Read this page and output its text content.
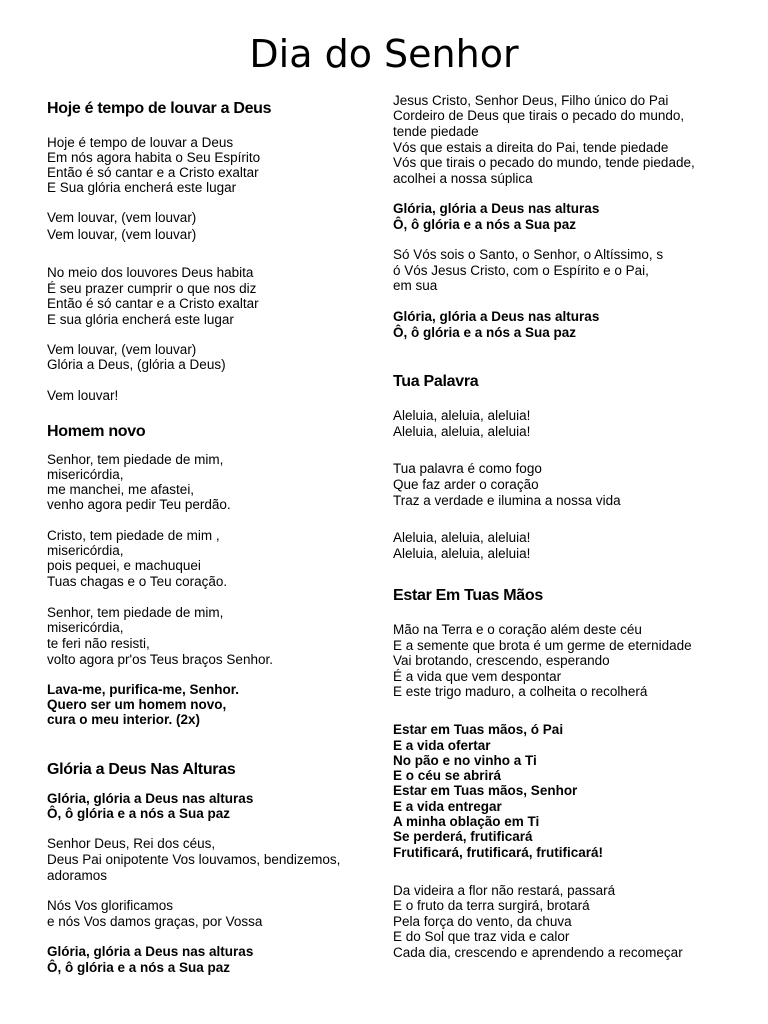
Dia do Senhor
Hoje é tempo de louvar a Deus
Hoje é tempo de louvar a Deus
Em nós agora habita o Seu Espírito
Então é só cantar e a Cristo exaltar
E Sua glória encherá este lugar
Vem louvar, (vem louvar)
Vem louvar, (vem louvar)
No meio dos louvores Deus habita
É seu prazer cumprir o que nos diz
Então é só cantar e a Cristo exaltar
E sua glória encherá este lugar
Vem louvar, (vem louvar)
Glória a Deus, (glória a Deus)
Vem louvar!
Homem novo
Senhor, tem piedade de mim,
misericórdia,
me manchei, me afastei,
venho agora pedir Teu perdão.
Cristo, tem piedade de mim ,
misericórdia,
pois pequei, e machuquei
Tuas chagas e o Teu coração.
Senhor, tem piedade de mim,
misericórdia,
te feri não resisti,
volto agora pr'os Teus braços Senhor.
Lava-me, purifica-me, Senhor.
Quero ser um homem novo,
cura o meu interior. (2x)
Glória a Deus Nas Alturas
Glória, glória a Deus nas alturas
Ô, ô glória e a nós a Sua paz
Senhor Deus, Rei dos céus,
Deus Pai onipotente Vos louvamos, bendizemos,
adoramos
Nós Vos glorificamos
e nós Vos damos graças, por Vossa
Glória, glória a Deus nas alturas
Ô, ô glória e a nós a Sua paz
Jesus Cristo, Senhor Deus, Filho único do Pai
Cordeiro de Deus que tirais o pecado do mundo,
tende piedade
Vós que estais a direita do Pai, tende piedade
Vós que tirais o pecado do mundo, tende piedade,
acolhei a nossa súplica
Glória, glória a Deus nas alturas
Ô, ô glória e a nós a Sua paz
Só Vós sois o Santo, o Senhor, o Altíssimo, s
ó Vós Jesus Cristo, com o Espírito e o Pai,
em sua
Glória, glória a Deus nas alturas
Ô, ô glória e a nós a Sua paz
Tua Palavra
Aleluia, aleluia, aleluia!
Aleluia, aleluia, aleluia!
Tua palavra é como fogo
Que faz arder o coração
Traz a verdade e ilumina a nossa vida
Aleluia, aleluia, aleluia!
Aleluia, aleluia, aleluia!
Estar Em Tuas Mãos
Mão na Terra e o coração além deste céu
E a semente que brota é um germe de eternidade
Vai brotando, crescendo, esperando
É a vida que vem despontar
E este trigo maduro, a colheita o recolherá
Estar em Tuas mãos, ó Pai
E a vida ofertar
No pão e no vinho a Ti
E o céu se abrirá
Estar em Tuas mãos, Senhor
E a vida entregar
A minha oblação em Ti
Se perderá, frutificará
Frutificará, frutificará, frutificará!
Da videira a flor não restará, passará
E o fruto da terra surgirá, brotará
Pela força do vento, da chuva
E do Sol que traz vida e calor
Cada dia, crescendo e aprendendo a recomeçar
